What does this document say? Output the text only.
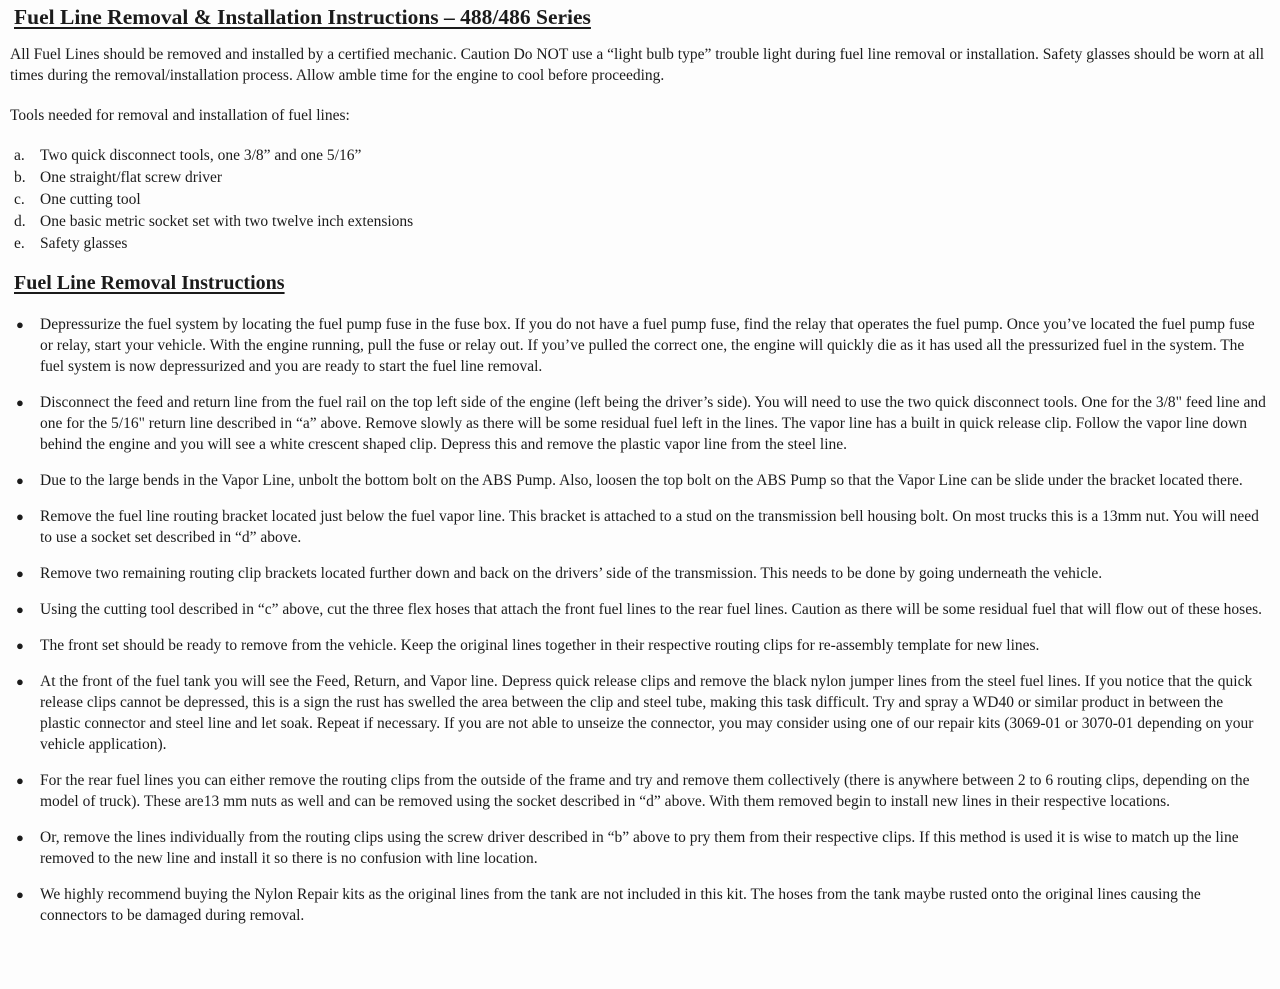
Fuel Line Removal & Installation Instructions – 488/486 Series

All Fuel Lines should be removed and installed by a certified mechanic. Caution Do NOT use a “light bulb type” trouble light during fuel line removal or installation. Safety glasses should be worn at all times during the removal/installation process. Allow amble time for the engine to cool before proceeding.

Tools needed for removal and installation of fuel lines:

a. Two quick disconnect tools, one 3/8” and one 5/16”
b. One straight/flat screw driver
c. One cutting tool
d. One basic metric socket set with two twelve inch extensions
e. Safety glasses
Fuel Line Removal Instructions
●	Depressurize the fuel system by locating the fuel pump fuse in the fuse box. If you do not have a fuel pump fuse, find the relay that operates the fuel pump. Once you’ve located the fuel pump fuse or relay, start your vehicle. With the engine running, pull the fuse or relay out. If you’ve pulled the correct one, the engine will quickly die as it has used all the pressurized fuel in the system. The fuel system is now depressurized and you are ready to start the fuel line removal.
●	Disconnect the feed and return line from the fuel rail on the top left side of the engine (left being the driver’s side). You will need to use the two quick disconnect tools. One for the 3/8" feed line and one for the 5/16" return line described in “a” above. Remove slowly as there will be some residual fuel left in the lines. The vapor line has a built in quick release clip. Follow the vapor line down behind the engine and you will see a white crescent shaped clip. Depress this and remove the plastic vapor line from the steel line.
●	Due to the large bends in the Vapor Line, unbolt the bottom bolt on the ABS Pump. Also, loosen the top bolt on the ABS Pump so that the Vapor Line can be slide under the bracket located there.
●	Remove the fuel line routing bracket located just below the fuel vapor line. This bracket is attached to a stud on the transmission bell housing bolt. On most trucks this is a 13mm nut. You will need to use a socket set described in “d” above.
●	Remove two remaining routing clip brackets located further down and back on the drivers’ side of the transmission. This needs to be done by going underneath the vehicle.
●	Using the cutting tool described in “c” above, cut the three flex hoses that attach the front fuel lines to the rear fuel lines. Caution as there will be some residual fuel that will flow out of these hoses.
●	The front set should be ready to remove from the vehicle. Keep the original lines together in their respective routing clips for re-assembly template for new lines.
●	At the front of the fuel tank you will see the Feed, Return, and Vapor line. Depress quick release clips and remove the black nylon jumper lines from the steel fuel lines. If you notice that the quick release clips cannot be depressed, this is a sign the rust has swelled the area between the clip and steel tube, making this task difficult. Try and spray a WD40 or similar product in between the plastic connector and steel line and let soak. Repeat if necessary. If you are not able to unseize the connector, you may consider using one of our repair kits (3069-01 or 3070-01 depending on your vehicle application).
●	For the rear fuel lines you can either remove the routing clips from the outside of the frame and try and remove them collectively (there is anywhere between 2 to 6 routing clips, depending on the model of truck). These are13 mm nuts as well and can be removed using the socket described in “d” above. With them removed begin to install new lines in their respective locations.
●	Or, remove the lines individually from the routing clips using the screw driver described in “b” above to pry them from their respective clips. If this method is used it is wise to match up the line removed to the new line and install it so there is no confusion with line location.
●	We highly recommend buying the Nylon Repair kits as the original lines from the tank are not included in this kit. The hoses from the tank maybe rusted onto the original lines causing the connectors to be damaged during removal.
